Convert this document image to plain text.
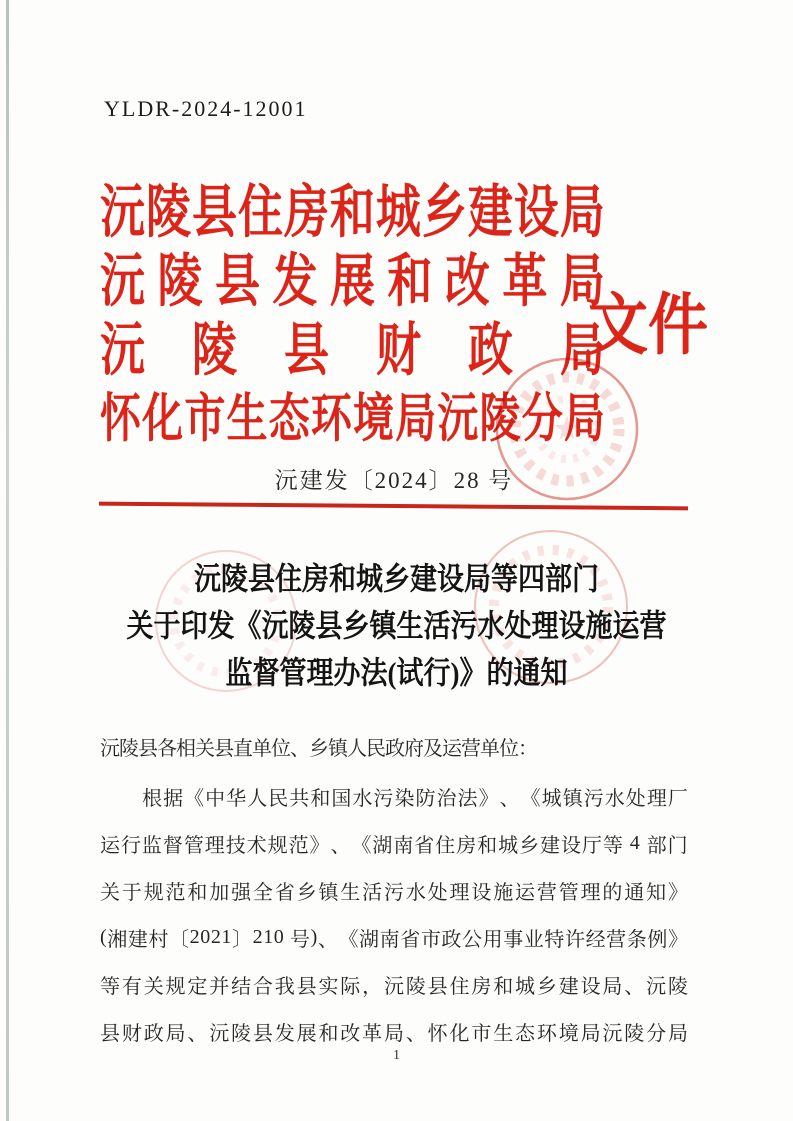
YLDR-2024-12001
沅 陵 县 住 房 和 城 乡 建 设 局
沅 陵 县 发 展 和 改 革 局
沅 陵 县 财 政 局
怀 化 市 生 态 环 境 局 沅 陵 分 局
文 件
沅建发〔2024〕28 号
沅陵县住房和城乡建设局等四部门
关于印发《沅陵县乡镇生活污水处理设施运营
监督管理办法(试行)》的通知
沅陵县各相关县直单位、乡镇人民政府及运营单位：

根 据 《 中 华 人 民 共 和 国 水 污 染 防 治 法 》 、 《 城 镇 污 水 处 理 厂
运 行 监 督 管 理 技 术 规 范 》 、 《 湖 南 省 住 房 和 城 乡 建 设 厅 等
4
部 门
关 于 规 范 和 加 强 全 省 乡 镇 生 活 污 水 处 理 设 施 运 营 管 理 的 通 知 》
( 湘 建 村 〔 2 0 2 1 〕 2 1 0
号 ) 、 《 湖 南 省 市 政 公 用 事 业 特 许 经 营 条 例 》
等 有 关 规 定 并 结 合 我 县 实 际 ， 沅 陵 县 住 房 和 城 乡 建 设 局 、 沅 陵
县 财 政 局 、 沅 陵 县 发 展 和 改 革 局 、 怀 化 市 生 态 环 境 局 沅 陵 分 局
1
